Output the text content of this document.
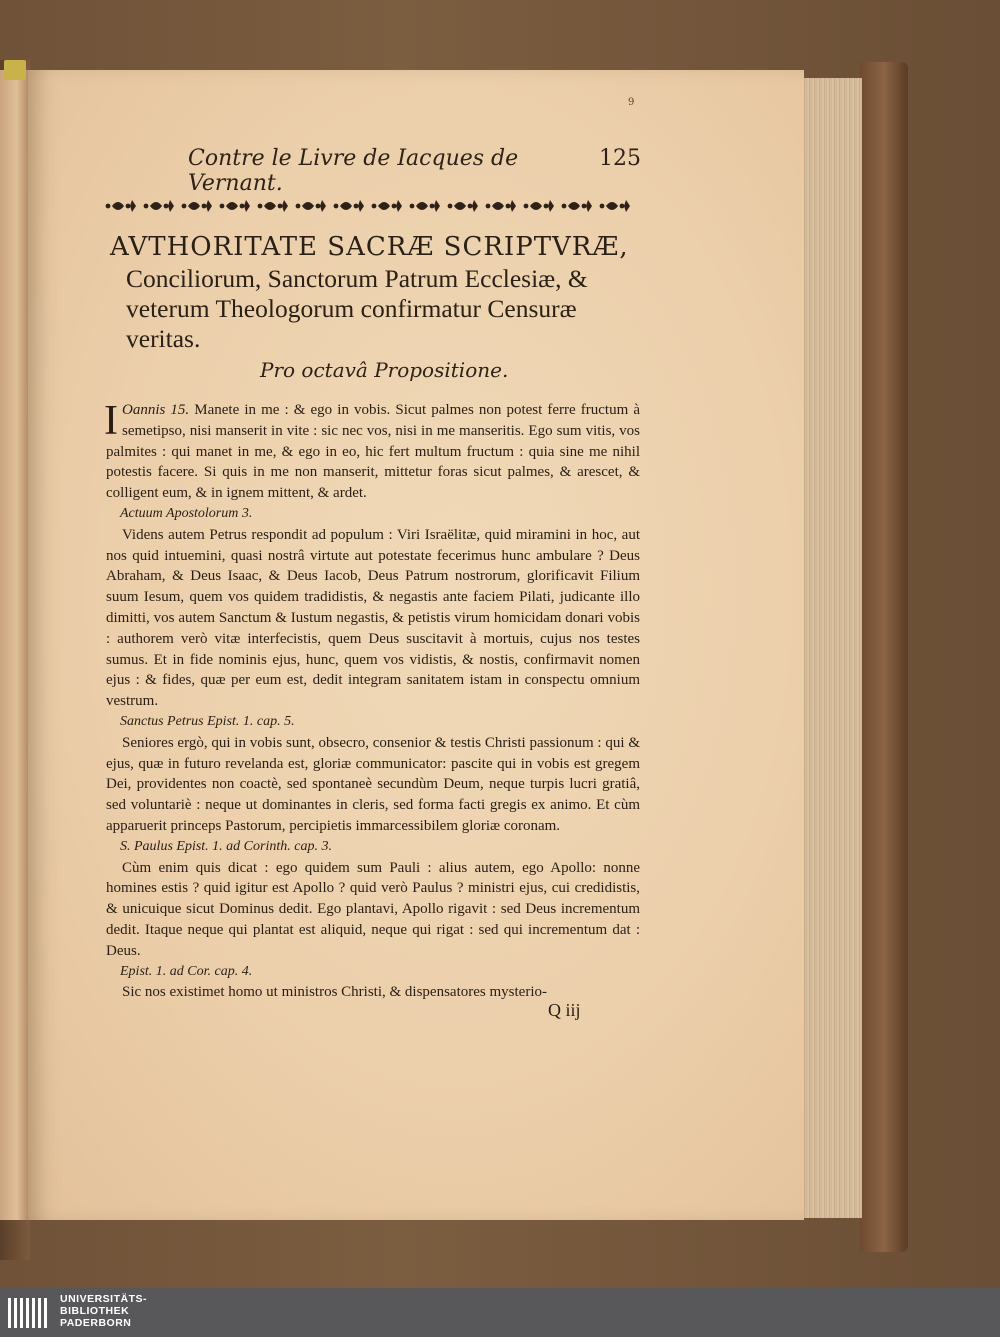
9
Contre le Livre de Iacques de Vernant.
125
AVTHORITATE SACRÆ SCRIPTVRÆ,
Conciliorum, Sanctorum Patrum Ecclesiæ, &
veterum Theologorum confirmatur Censuræ
veritas.
Pro octavâ Propositione.

I Oannis 15. Manete in me : & ego in vobis. Sicut palmes non potest ferre fructum à semetipso, nisi manserit in vite : sic nec vos, nisi in me manseritis. Ego sum vitis, vos palmites : qui manet in me, & ego in eo, hic fert multum fructum : quia sine me nihil potestis facere. Si quis in me non manserit, mittetur foras sicut palmes, & arescet, & colligent eum, & in ignem mittent, & ardet.

Actuum Apostolorum 3.

Videns autem Petrus respondit ad populum : Viri Israëlitæ, quid miramini in hoc, aut nos quid intuemini, quasi nostrâ virtute aut potestate fecerimus hunc ambulare ? Deus Abraham, & Deus Isaac, & Deus Iacob, Deus Patrum nostrorum, glorificavit Filium suum Iesum, quem vos quidem tradidistis, & negastis ante faciem Pilati, judicante illo dimitti, vos autem Sanctum & Iustum negastis, & petistis virum homicidam donari vobis : authorem verò vitæ interfecistis, quem Deus suscitavit à mortuis, cujus nos testes sumus. Et in fide nominis ejus, hunc, quem vos vidistis, & nostis, confirmavit nomen ejus : & fides, quæ per eum est, dedit integram sanitatem istam in conspectu omnium vestrum.

Sanctus Petrus Epist. 1. cap. 5.

Seniores ergò, qui in vobis sunt, obsecro, consenior & testis Christi passionum : qui & ejus, quæ in futuro revelanda est, gloriæ communicator: pascite qui in vobis est gregem Dei, providentes non coactè, sed spontaneè secundùm Deum, neque turpis lucri gratiâ, sed voluntariè : neque ut dominantes in cleris, sed forma facti gregis ex animo. Et cùm apparuerit princeps Pastorum, percipietis immarcessibilem gloriæ coronam.

S. Paulus Epist. 1. ad Corinth. cap. 3.

Cùm enim quis dicat : ego quidem sum Pauli : alius autem, ego Apollo: nonne homines estis ? quid igitur est Apollo ? quid verò Paulus ? ministri ejus, cui credidistis, & unicuique sicut Dominus dedit. Ego plantavi, Apollo rigavit : sed Deus incrementum dedit. Itaque neque qui plantat est aliquid, neque qui rigat : sed qui incrementum dat : Deus.

Epist. 1. ad Cor. cap. 4.

Sic nos existimet homo ut ministros Christi, & dispensatores mysterio-

Q iij
UNIVERSITÄTS-
BIBLIOTHEK
PADERBORN
